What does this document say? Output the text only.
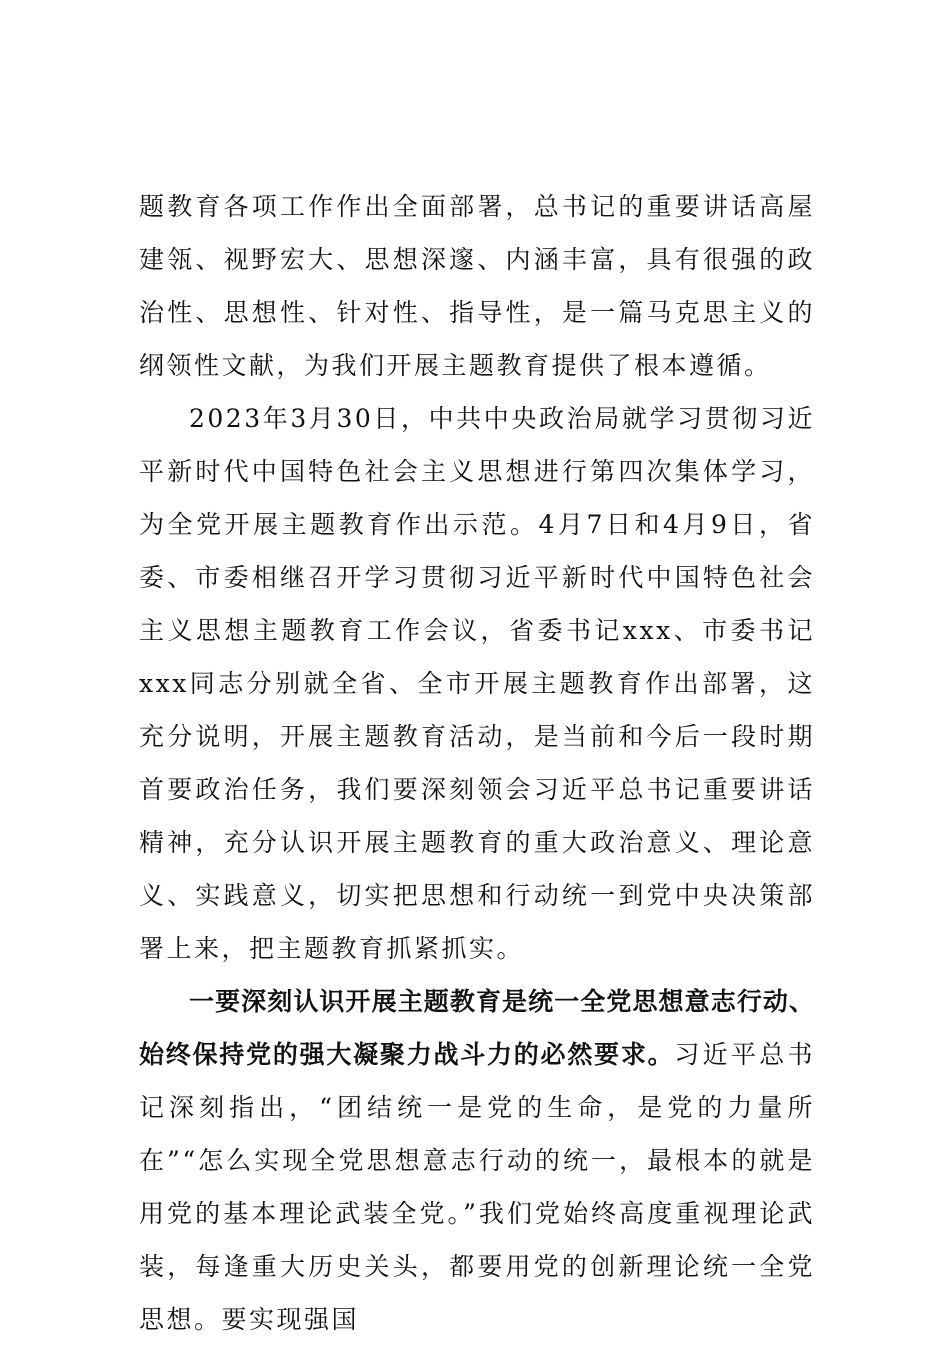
题教育各项工作作出全面部署，总书记的重要讲话高屋建瓴、视野宏大、思想深邃、内涵丰富，具有很强的政治性、思想性、针对性、指导性，是一篇马克思主义的纲领性文献，为我们开展主题教育提供了根本遵循。

2023年3月30日，中共中央政治局就学习贯彻习近平新时代中国特色社会主义思想进行第四次集体学习，为全党开展主题教育作出示范。4月7日和4月9日，省委、市委相继召开学习贯彻习近平新时代中国特色社会主义思想主题教育工作会议，省委书记xxx、市委书记xxx同志分别就全省、全市开展主题教育作出部署，这充分说明，开展主题教育活动，是当前和今后一段时期首要政治任务，我们要深刻领会习近平总书记重要讲话精神，充分认识开展主题教育的重大政治意义、理论意义、实践意义，切实把思想和行动统一到党中央决策部署上来，把主题教育抓紧抓实。

一要深刻认识开展主题教育是统一全党思想意志行动、始终保持党的强大凝聚力战斗力的必然要求。习近平总书记深刻指出，“团结统一是党的生命，是党的力量所在”“怎么实现全党思想意志行动的统一，最根本的就是用党的基本理论武装全党。”我们党始终高度重视理论武装，每逢重大历史关头，都要用党的创新理论统一全党思想。要实现强国
